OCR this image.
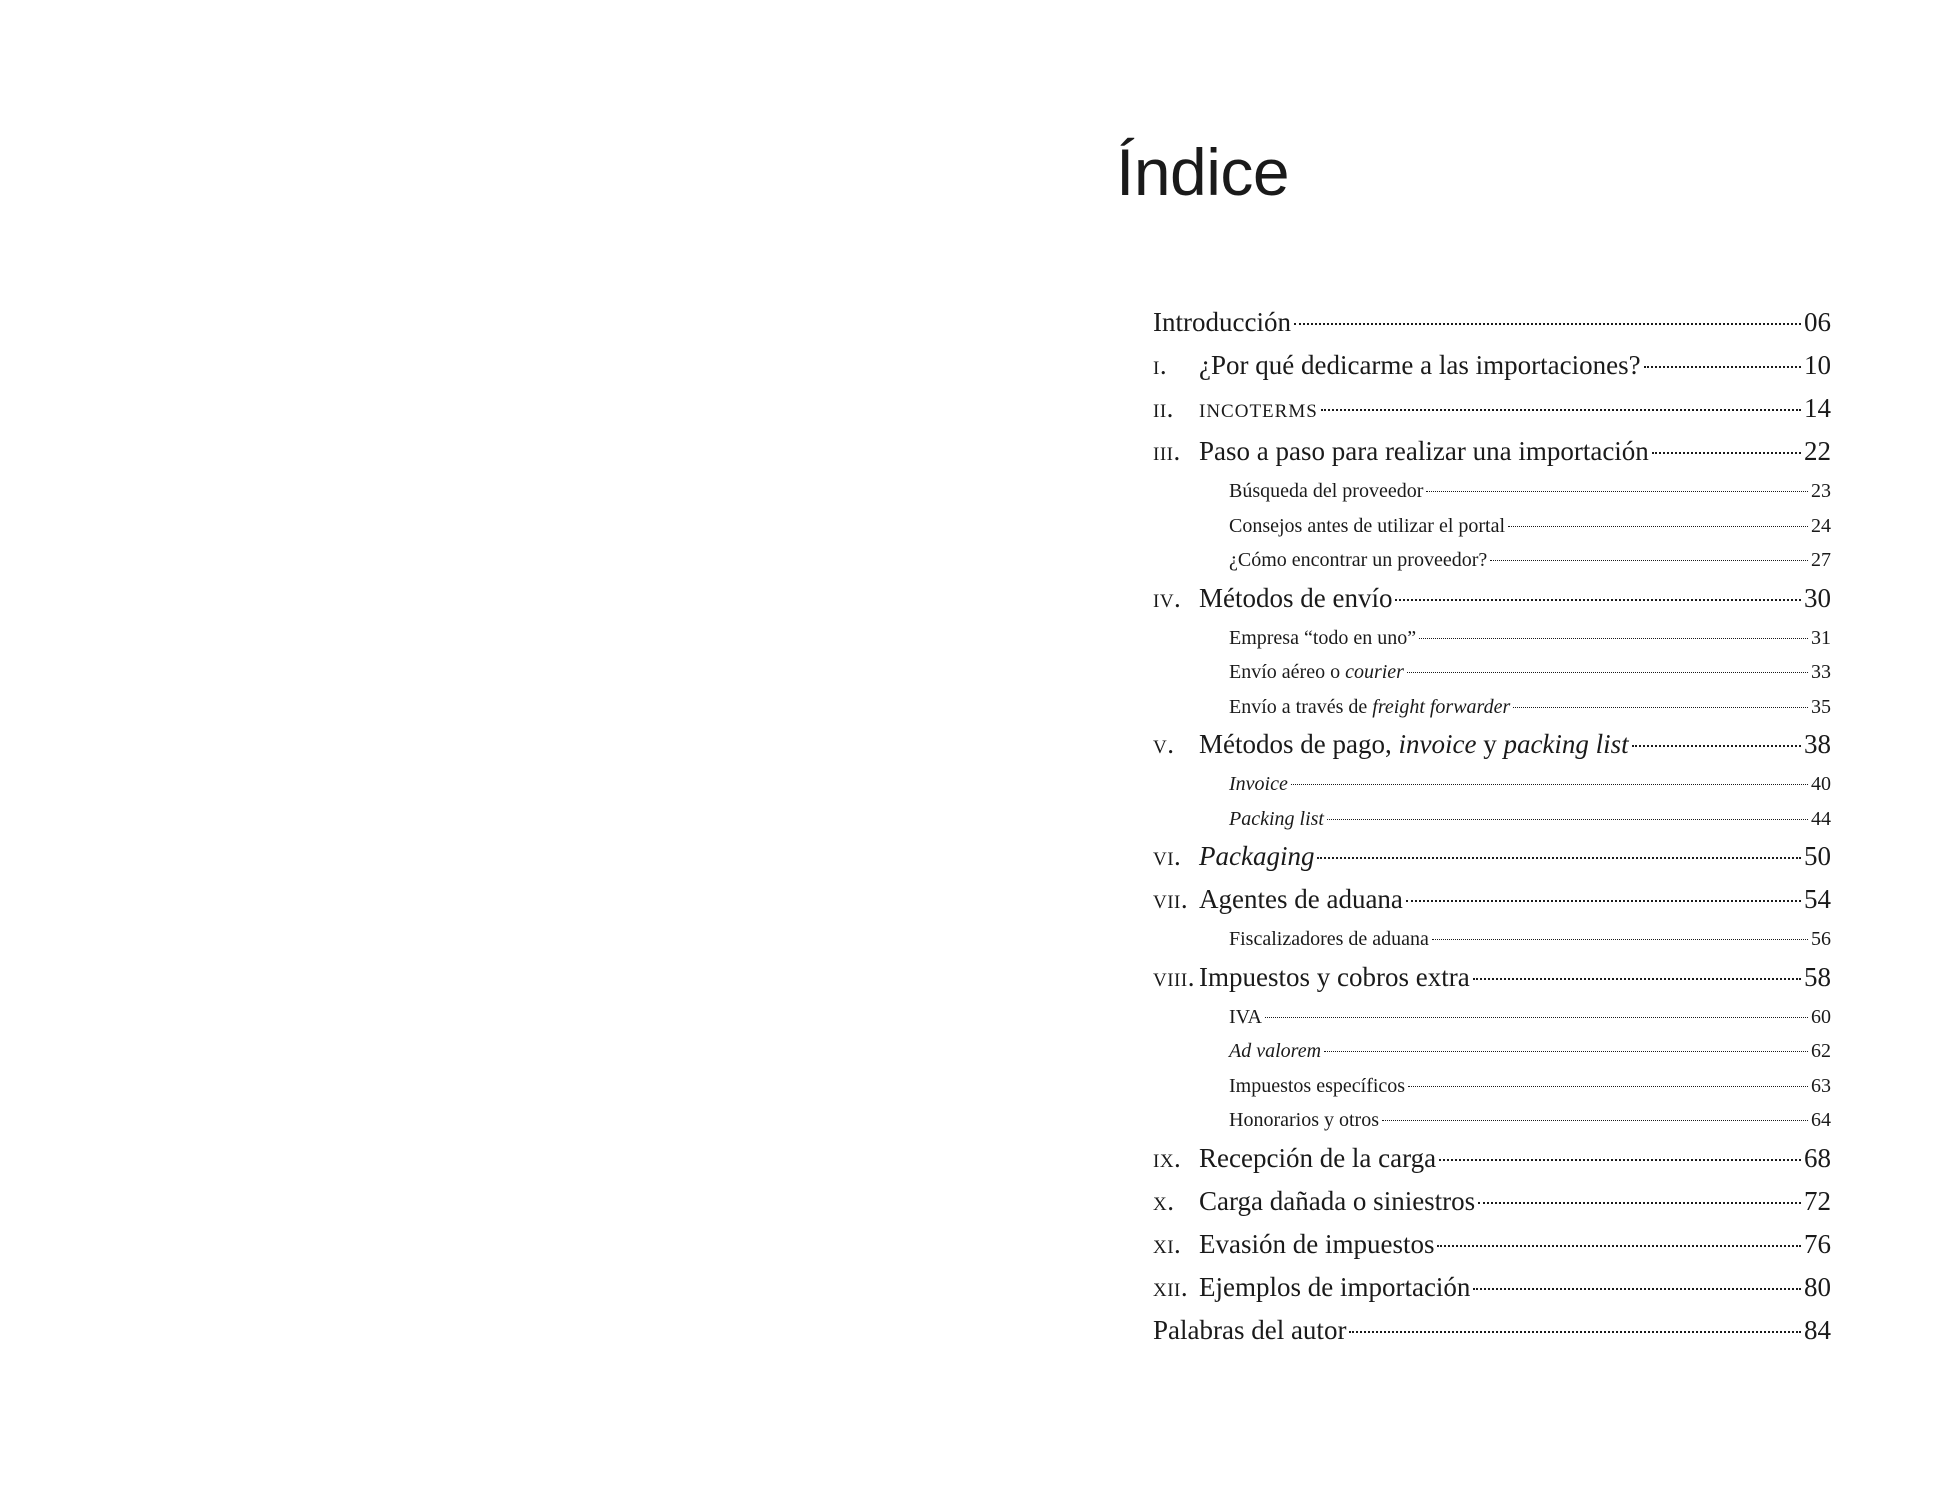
Índice
Introducción	06
i.	¿Por qué dedicarme a las importaciones?	10
ii. incoterms	14
iii. Paso a paso para realizar una importación	22
Búsqueda del proveedor	23
Consejos antes de utilizar el portal	24
¿Cómo encontrar un proveedor?	27
iv. Métodos de envío	30
Empresa “todo en uno”	31
Envío aéreo o courier	33
Envío a través de freight forwarder	35
v. Métodos de pago, invoice y packing list	38
Invoice	40
Packing list	44
vi. Packaging	50
vii. Agentes de aduana	54
Fiscalizadores de aduana	56
viii. Impuestos y cobros extra	58
IVA	60
Ad valorem	62
Impuestos específicos	63
Honorarios y otros	64
ix. Recepción de la carga	68
x. Carga dañada o siniestros	72
xi. Evasión de impuestos	76
xii. Ejemplos de importación	80
Palabras del autor	84
